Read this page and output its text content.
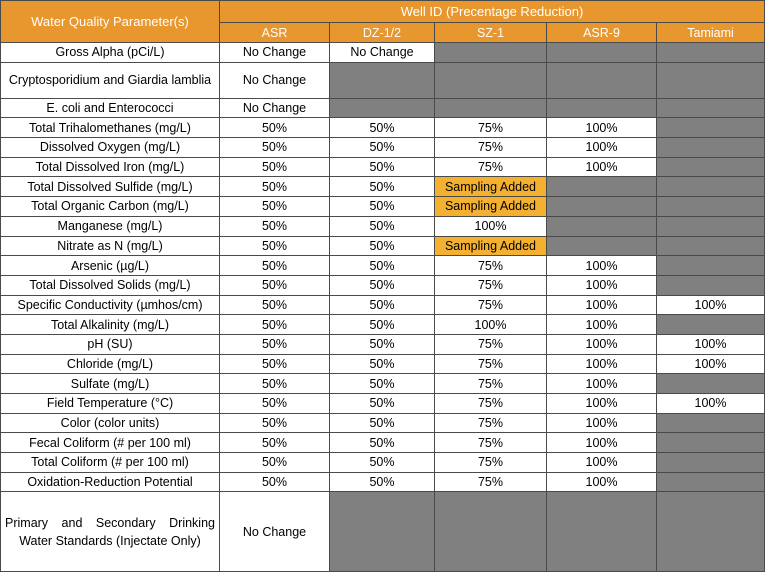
Water Quality Parameter(s)	Well ID (Precentage Reduction)				
	ASR	DZ-1/2	SZ-1	ASR-9	Tamiami
Gross Alpha (pCi/L)	No Change	No Change			
Cryptosporidium and Giardia lamblia	No Change				
E. coli and Enterococci	No Change				
Total Trihalomethanes (mg/L)	50%	50%	75%	100%	
Dissolved Oxygen (mg/L)	50%	50%	75%	100%	
Total Dissolved Iron (mg/L)	50%	50%	75%	100%	
Total Dissolved Sulfide (mg/L)	50%	50%	Sampling Added		
Total Organic Carbon (mg/L)	50%	50%	Sampling Added		
Manganese (mg/L)	50%	50%	100%		
Nitrate as N (mg/L)	50%	50%	Sampling Added		
Arsenic (µg/L)	50%	50%	75%	100%	
Total Dissolved Solids (mg/L)	50%	50%	75%	100%	
Specific Conductivity (µmhos/cm)	50%	50%	75%	100%	100%
Total Alkalinity (mg/L)	50%	50%	100%	100%	
pH (SU)	50%	50%	75%	100%	100%
Chloride (mg/L)	50%	50%	75%	100%	100%
Sulfate (mg/L)	50%	50%	75%	100%	
Field Temperature (°C)	50%	50%	75%	100%	100%
Color (color units)	50%	50%	75%	100%	
Fecal Coliform (# per 100 ml)	50%	50%	75%	100%	
Total Coliform (# per 100 ml)	50%	50%	75%	100%	
Oxidation-Reduction Potential	50%	50%	75%	100%	
Primary and Secondary Drinking Water Standards (Injectate Only)	No Change				
